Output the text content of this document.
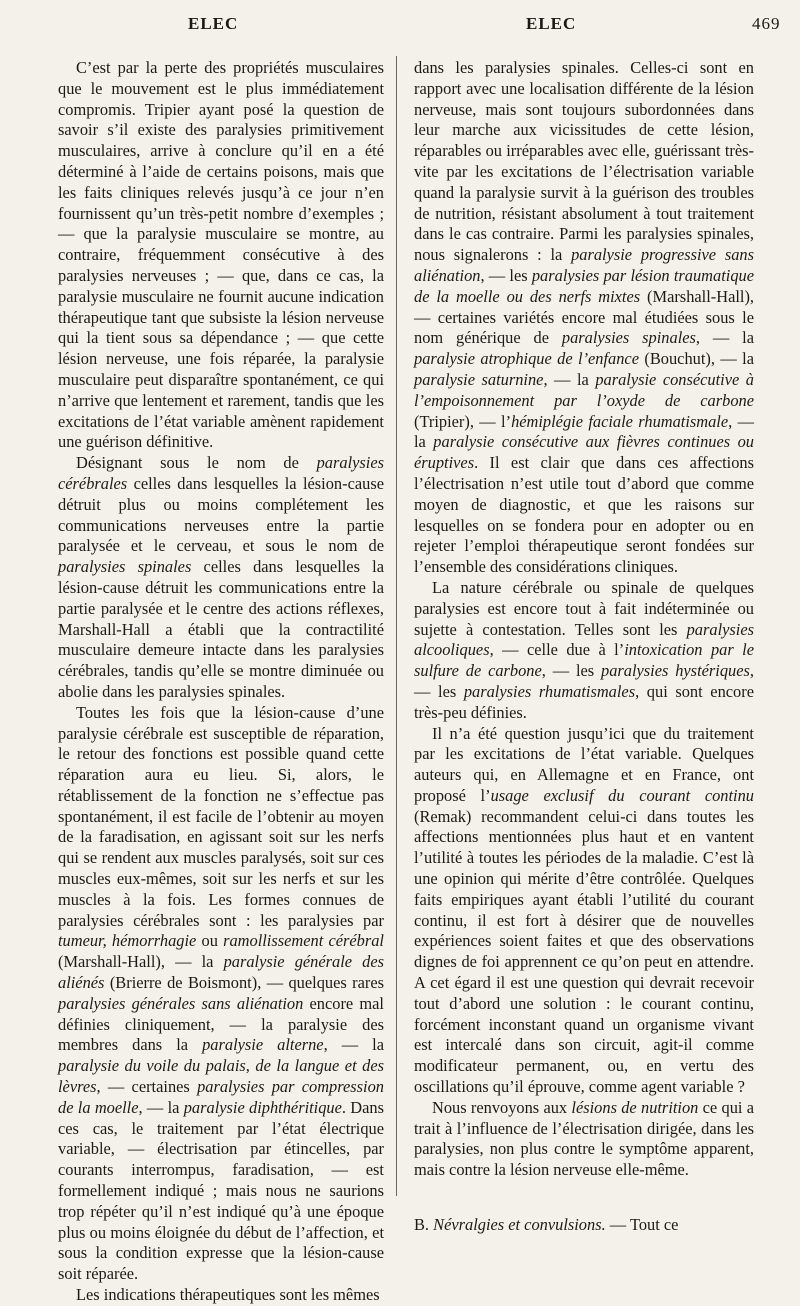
ELEC	ELEC	469

C’est par la perte des propriétés musculaires que le mouvement est le plus immédiatement compromis. Tripier ayant posé la question de savoir s’il existe des paralysies primitivement musculaires, arrive à conclure qu’il en a été déterminé à l’aide de certains poisons, mais que les faits cliniques relevés jusqu’à ce jour n’en fournissent qu’un très-petit nombre d’exemples ; — que la paralysie musculaire se montre, au contraire, fréquemment consécutive à des paralysies nerveuses ; — que, dans ce cas, la paralysie musculaire ne fournit aucune indication thérapeutique tant que subsiste la lésion nerveuse qui la tient sous sa dépendance ; — que cette lésion nerveuse, une fois réparée, la paralysie musculaire peut disparaître spontanément, ce qui n’arrive que lentement et rarement, tandis que les excitations de l’état variable amènent rapidement une guérison définitive.

Désignant sous le nom de paralysies cérébrales celles dans lesquelles la lésion-cause détruit plus ou moins complétement les communications nerveuses entre la partie paralysée et le cerveau, et sous le nom de paralysies spinales celles dans lesquelles la lésion-cause détruit les communications entre la partie paralysée et le centre des actions réflexes, Marshall-Hall a établi que la contractilité musculaire demeure intacte dans les paralysies cérébrales, tandis qu’elle se montre diminuée ou abolie dans les paralysies spinales.

Toutes les fois que la lésion-cause d’une paralysie cérébrale est susceptible de réparation, le retour des fonctions est possible quand cette réparation aura eu lieu. Si, alors, le rétablissement de la fonction ne s’effectue pas spontanément, il est facile de l’obtenir au moyen de la faradisation, en agissant soit sur les nerfs qui se rendent aux muscles paralysés, soit sur ces muscles eux-mêmes, soit sur les nerfs et sur les muscles à la fois. Les formes connues de paralysies cérébrales sont : les paralysies par tumeur, hémorrhagie ou ramollissement cérébral (Marshall-Hall), — la paralysie générale des aliénés (Brierre de Boismont), — quelques rares paralysies générales sans aliénation encore mal définies cliniquement, — la paralysie des membres dans la paralysie alterne, — la paralysie du voile du palais, de la langue et des lèvres, — certaines paralysies par compression de la moelle, — la paralysie diphthéritique. Dans ces cas, le traitement par l’état électrique variable, — électrisation par étincelles, par courants interrompus, faradisation, — est formellement indiqué ; mais nous ne saurions trop répéter qu’il n’est indiqué qu’à une époque plus ou moins éloignée du début de l’affection, et sous la condition expresse que la lésion-cause soit réparée.

Les indications thérapeutiques sont les mêmes

dans les paralysies spinales. Celles-ci sont en rapport avec une localisation différente de la lésion nerveuse, mais sont toujours subordonnées dans leur marche aux vicissitudes de cette lésion, réparables ou irréparables avec elle, guérissant très-vite par les excitations de l’électrisation variable quand la paralysie survit à la guérison des troubles de nutrition, résistant absolument à tout traitement dans le cas contraire. Parmi les paralysies spinales, nous signalerons : la paralysie progressive sans aliénation, — les paralysies par lésion traumatique de la moelle ou des nerfs mixtes (Marshall-Hall), — certaines variétés encore mal étudiées sous le nom générique de paralysies spinales, — la paralysie atrophique de l’enfance (Bouchut), — la paralysie saturnine, — la paralysie consécutive à l’empoisonnement par l’oxyde de carbone (Tripier), — l’hémiplégie faciale rhumatismale, — la paralysie consécutive aux fièvres continues ou éruptives. Il est clair que dans ces affections l’électrisation n’est utile tout d’abord que comme moyen de diagnostic, et que les raisons sur lesquelles on se fondera pour en adopter ou en rejeter l’emploi thérapeutique seront fondées sur l’ensemble des considérations cliniques.

La nature cérébrale ou spinale de quelques paralysies est encore tout à fait indéterminée ou sujette à contestation. Telles sont les paralysies alcooliques, — celle due à l’intoxication par le sulfure de carbone, — les paralysies hystériques, — les paralysies rhumatismales, qui sont encore très-peu définies.

Il n’a été question jusqu’ici que du traitement par les excitations de l’état variable. Quelques auteurs qui, en Allemagne et en France, ont proposé l’usage exclusif du courant continu (Remak) recommandent celui-ci dans toutes les affections mentionnées plus haut et en vantent l’utilité à toutes les périodes de la maladie. C’est là une opinion qui mérite d’être contrôlée. Quelques faits empiriques ayant établi l’utilité du courant continu, il est fort à désirer que de nouvelles expériences soient faites et que des observations dignes de foi apprennent ce qu’on peut en attendre. A cet égard il est une question qui devrait recevoir tout d’abord une solution : le courant continu, forcément inconstant quand un organisme vivant est intercalé dans son circuit, agit-il comme modificateur permanent, ou, en vertu des oscillations qu’il éprouve, comme agent variable ?

Nous renvoyons aux lésions de nutrition ce qui a trait à l’influence de l’électrisation dirigée, dans les paralysies, non plus contre le symptôme apparent, mais contre la lésion nerveuse elle-même.

B. Névralgies et convulsions. — Tout ce
